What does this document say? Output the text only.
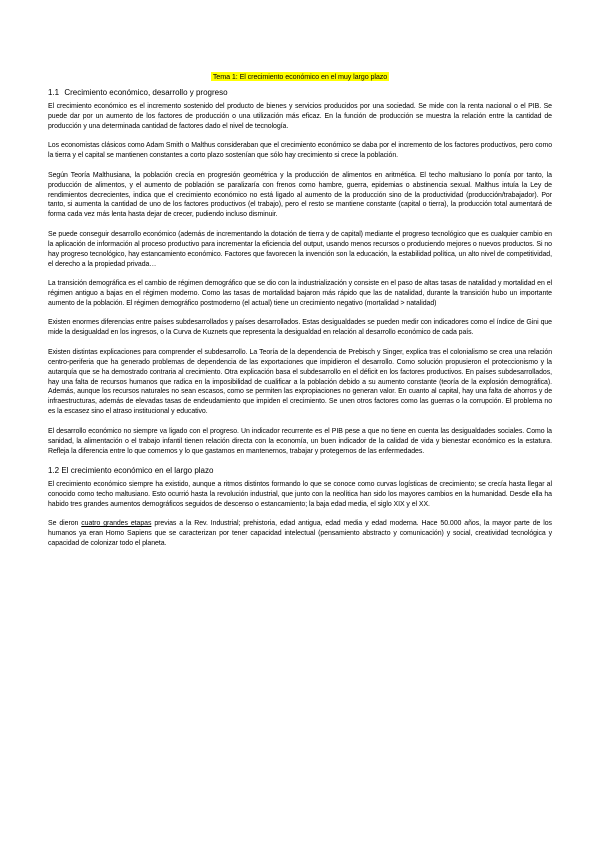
Tema 1: El crecimiento económico en el muy largo plazo
1.1 Crecimiento económico, desarrollo y progreso

El crecimiento económico es el incremento sostenido del producto de bienes y servicios producidos por una sociedad. Se mide con la renta nacional o el PIB. Se puede dar por un aumento de los factores de producción o una utilización más eficaz. En la función de producción se muestra la relación entre la cantidad de producción y una determinada cantidad de factores dado el nivel de tecnología.

Los economistas clásicos como Adam Smith o Malthus consideraban que el crecimiento económico se daba por el incremento de los factores productivos, pero como la tierra y el capital se mantienen constantes a corto plazo sostenían que sólo hay crecimiento si crece la población.

Según Teoría Malthusiana, la población crecía en progresión geométrica y la producción de alimentos en aritmética. El techo maltusiano lo ponía por tanto, la producción de alimentos, y el aumento de población se paralizaría con frenos como hambre, guerra, epidemias o abstinencia sexual. Malthus intuía la Ley de rendimientos decrecientes, indica que el crecimiento económico no está ligado al aumento de la producción sino de la productividad (producción/trabajador). Por tanto, si aumenta la cantidad de uno de los factores productivos (el trabajo), pero el resto se mantiene constante (capital o tierra), la producción total aumentará de forma cada vez más lenta hasta dejar de crecer, pudiendo incluso disminuir.

Se puede conseguir desarrollo económico (además de incrementando la dotación de tierra y de capital) mediante el progreso tecnológico que es cualquier cambio en la aplicación de información al proceso productivo para incrementar la eficiencia del output, usando menos recursos o produciendo mejores o nuevos productos. Si no hay progreso tecnológico, hay estancamiento económico. Factores que favorecen la invención son la educación, la estabilidad política, un alto nivel de competitividad, el derecho a la propiedad privada…

La transición demográfica es el cambio de régimen demográfico que se dio con la industrialización y consiste en el paso de altas tasas de natalidad y mortalidad en el régimen antiguo a bajas en el régimen moderno. Como las tasas de mortalidad bajaron más rápido que las de natalidad, durante la transición hubo un importante aumento de la población. El régimen demográfico postmoderno (el actual) tiene un crecimiento negativo (mortalidad > natalidad)

Existen enormes diferencias entre países subdesarrollados y países desarrollados. Estas desigualdades se pueden medir con indicadores como el índice de Gini que mide la desigualdad en los ingresos, o la Curva de Kuznets que representa la desigualdad en relación al desarrollo económico de cada país.

Existen distintas explicaciones para comprender el subdesarrollo. La Teoría de la dependencia de Prebisch y Singer, explica tras el colonialismo se crea una relación centro-periferia que ha generado problemas de dependencia de las exportaciones que impidieron el desarrollo. Como solución propusieron el proteccionismo y la autarquía que se ha demostrado contraria al crecimiento. Otra explicación basa el subdesarrollo en el déficit en los factores productivos. En países subdesarrollados, hay una falta de recursos humanos que radica en la imposibilidad de cualificar a la población debido a su aumento constante (teoría de la explosión demográfica). Además, aunque los recursos naturales no sean escasos, como se permiten las expropiaciones no generan valor. En cuanto al capital, hay una falta de ahorros y de infraestructuras, además de elevadas tasas de endeudamiento que impiden el crecimiento. Se unen otros factores como las guerras o la corrupción. El problema no es la escasez sino el atraso institucional y educativo.

El desarrollo económico no siempre va ligado con el progreso. Un indicador recurrente es el PIB pese a que no tiene en cuenta las desigualdades sociales. Como la sanidad, la alimentación o el trabajo infantil tienen relación directa con la economía, un buen indicador de la calidad de vida y bienestar económico es la estatura. Refleja la diferencia entre lo que comemos y lo que gastamos en mantenernos, trabajar y protegernos de las enfermedades.

1.2 El crecimiento económico en el largo plazo

El crecimiento económico siempre ha existido, aunque a ritmos distintos formando lo que se conoce como curvas logísticas de crecimiento; se crecía hasta llegar al conocido como techo maltusiano. Esto ocurrió hasta la revolución industrial, que junto con la neolítica han sido los mayores cambios en la humanidad. Desde ella ha habido tres grandes aumentos demográficos seguidos de descenso o estancamiento; la baja edad media, el siglo XIX y el XX.

Se dieron cuatro grandes etapas previas a la Rev. Industrial; prehistoria, edad antigua, edad media y edad moderna. Hace 50.000 años, la mayor parte de los humanos ya eran Homo Sapiens que se caracterizan por tener capacidad intelectual (pensamiento abstracto y comunicación) y social, creatividad tecnológica y capacidad de colonizar todo el planeta.
